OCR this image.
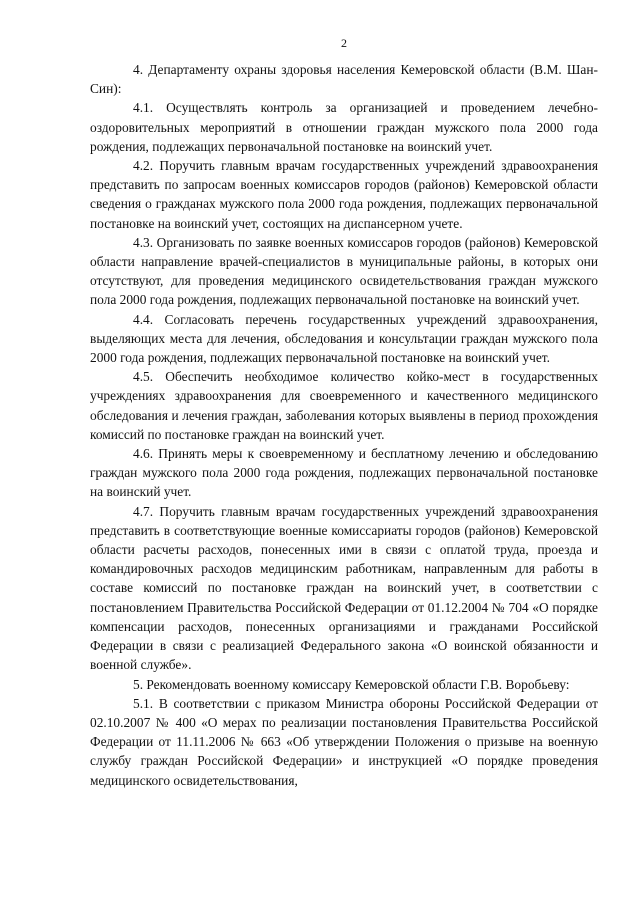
2

4. Департаменту охраны здоровья населения Кемеровской области (В.М. Шан-Син):

4.1. Осуществлять контроль за организацией и проведением лечебно-оздоровительных мероприятий в отношении граждан мужского пола 2000 года рождения, подлежащих первоначальной постановке на воинский учет.

4.2. Поручить главным врачам государственных учреждений здравоохранения представить по запросам военных комиссаров городов (районов) Кемеровской области сведения о гражданах мужского пола 2000 года рождения, подлежащих первоначальной постановке на воинский учет, состоящих на диспансерном учете.

4.3. Организовать по заявке военных комиссаров городов (районов) Кемеровской области направление врачей-специалистов в муниципальные районы, в которых они отсутствуют, для проведения медицинского освидетельствования граждан мужского пола 2000 года рождения, подлежащих первоначальной постановке на воинский учет.

4.4. Согласовать перечень государственных учреждений здравоохранения, выделяющих места для лечения, обследования и консультации граждан мужского пола 2000 года рождения, подлежащих первоначальной постановке на воинский учет.

4.5. Обеспечить необходимое количество койко-мест в государственных учреждениях здравоохранения для своевременного и качественного медицинского обследования и лечения граждан, заболевания которых выявлены в период прохождения комиссий по постановке граждан на воинский учет.

4.6. Принять меры к своевременному и бесплатному лечению и обследованию граждан мужского пола 2000 года рождения, подлежащих первоначальной постановке на воинский учет.

4.7. Поручить главным врачам государственных учреждений здравоохранения представить в соответствующие военные комиссариаты городов (районов) Кемеровской области расчеты расходов, понесенных ими в связи с оплатой труда, проезда и командировочных расходов медицинским работникам, направленным для работы в составе комиссий по постановке граждан на воинский учет, в соответствии с постановлением Правительства Российской Федерации от 01.12.2004 № 704 «О порядке компенсации расходов, понесенных организациями и гражданами Российской Федерации в связи с реализацией Федерального закона «О воинской обязанности и военной службе».

5. Рекомендовать военному комиссару Кемеровской области Г.В. Воробьеву:

5.1. В соответствии с приказом Министра обороны Российской Федерации от 02.10.2007 № 400 «О мерах по реализации постановления Правительства Российской Федерации от 11.11.2006 № 663 «Об утверждении Положения о призыве на военную службу граждан Российской Федерации» и инструкцией «О порядке проведения медицинского освидетельствования,
